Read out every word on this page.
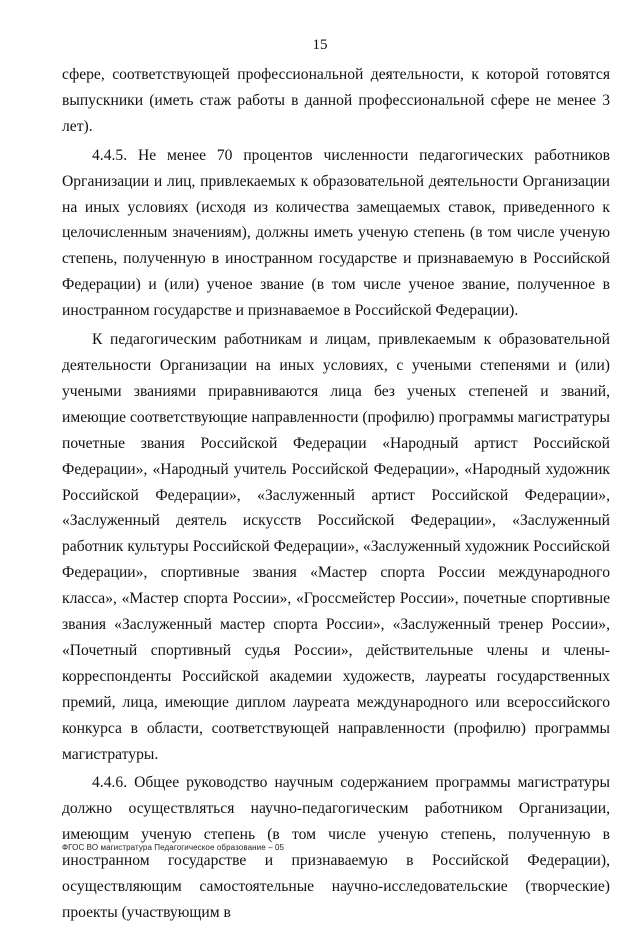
15

сфере, соответствующей профессиональной деятельности, к которой готовятся выпускники (иметь стаж работы в данной профессиональной сфере не менее 3 лет).

4.4.5. Не менее 70 процентов численности педагогических работников Организации и лиц, привлекаемых к образовательной деятельности Организации на иных условиях (исходя из количества замещаемых ставок, приведенного к целочисленным значениям), должны иметь ученую степень (в том числе ученую степень, полученную в иностранном государстве и признаваемую в Российской Федерации) и (или) ученое звание (в том числе ученое звание, полученное в иностранном государстве и признаваемое в Российской Федерации).

К педагогическим работникам и лицам, привлекаемым к образовательной деятельности Организации на иных условиях, с учеными степенями и (или) учеными званиями приравниваются лица без ученых степеней и званий, имеющие соответствующие направленности (профилю) программы магистратуры почетные звания Российской Федерации «Народный артист Российской Федерации», «Народный учитель Российской Федерации», «Народный художник Российской Федерации», «Заслуженный артист Российской Федерации», «Заслуженный деятель искусств Российской Федерации», «Заслуженный работник культуры Российской Федерации», «Заслуженный художник Российской Федерации», спортивные звания «Мастер спорта России международного класса», «Мастер спорта России», «Гроссмейстер России», почетные спортивные звания «Заслуженный мастер спорта России», «Заслуженный тренер России», «Почетный спортивный судья России», действительные члены и члены-корреспонденты Российской академии художеств, лауреаты государственных премий, лица, имеющие диплом лауреата международного или всероссийского конкурса в области, соответствующей направленности (профилю) программы магистратуры.

4.4.6. Общее руководство научным содержанием программы магистратуры должно осуществляться научно-педагогическим работником Организации, имеющим ученую степень (в том числе ученую степень, полученную в иностранном государстве и признаваемую в Российской Федерации), осуществляющим самостоятельные научно-исследовательские (творческие) проекты (участвующим в

ФГОС ВО магистратура Педагогическое образование – 05
